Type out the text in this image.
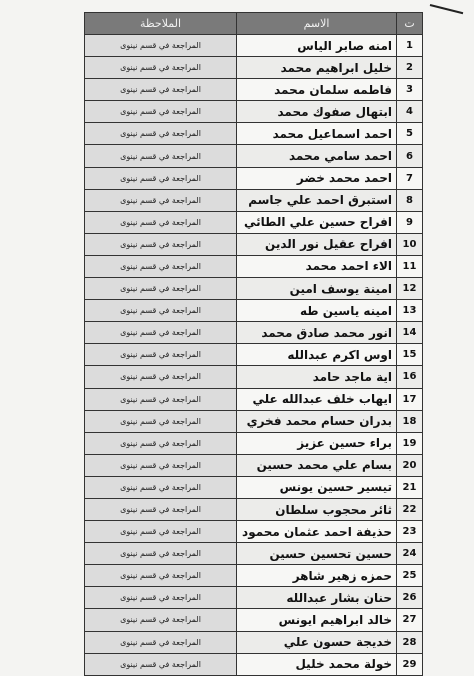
ت	الاسم	الملاحظة
1	امنه صابر الياس	المراجعة في قسم نينوى
2	خليل ابراهيم محمد	المراجعة في قسم نينوى
3	فاطمه سلمان محمد	المراجعة في قسم نينوى
4	ابتهال صفوك محمد	المراجعة في قسم نينوى
5	احمد اسماعيل محمد	المراجعة في قسم نينوى
6	احمد سامي محمد	المراجعة في قسم نينوى
7	احمد محمد خضر	المراجعة في قسم نينوى
8	استبرق احمد علي جاسم	المراجعة في قسم نينوى
9	افراح حسين علي الطائي	المراجعة في قسم نينوى
10	افراح عقيل نور الدين	المراجعة في قسم نينوى
11	الاء احمد محمد	المراجعة في قسم نينوى
12	امينة يوسف امين	المراجعة في قسم نينوى
13	امينه ياسين طه	المراجعة في قسم نينوى
14	انور محمد صادق محمد	المراجعة في قسم نينوى
15	اوس اكرم عبدالله	المراجعة في قسم نينوى
16	اية ماجد حامد	المراجعة في قسم نينوى
17	ايهاب خلف عبدالله علي	المراجعة في قسم نينوى
18	بدران حسام محمد فخري	المراجعة في قسم نينوى
19	براء حسين عزيز	المراجعة في قسم نينوى
20	بسام علي محمد حسين	المراجعة في قسم نينوى
21	تيسير حسين يونس	المراجعة في قسم نينوى
22	ثائر محجوب سلطان	المراجعة في قسم نينوى
23	حذيفة احمد عثمان محمود	المراجعة في قسم نينوى
24	حسين تحسين حسين	المراجعة في قسم نينوى
25	حمزه زهير شاهر	المراجعة في قسم نينوى
26	حنان بشار عبدالله	المراجعة في قسم نينوى
27	خالد ابراهيم ايونس	المراجعة في قسم نينوى
28	خديجة حسون علي	المراجعة في قسم نينوى
29	خولة محمد خليل	المراجعة في قسم نينوى
